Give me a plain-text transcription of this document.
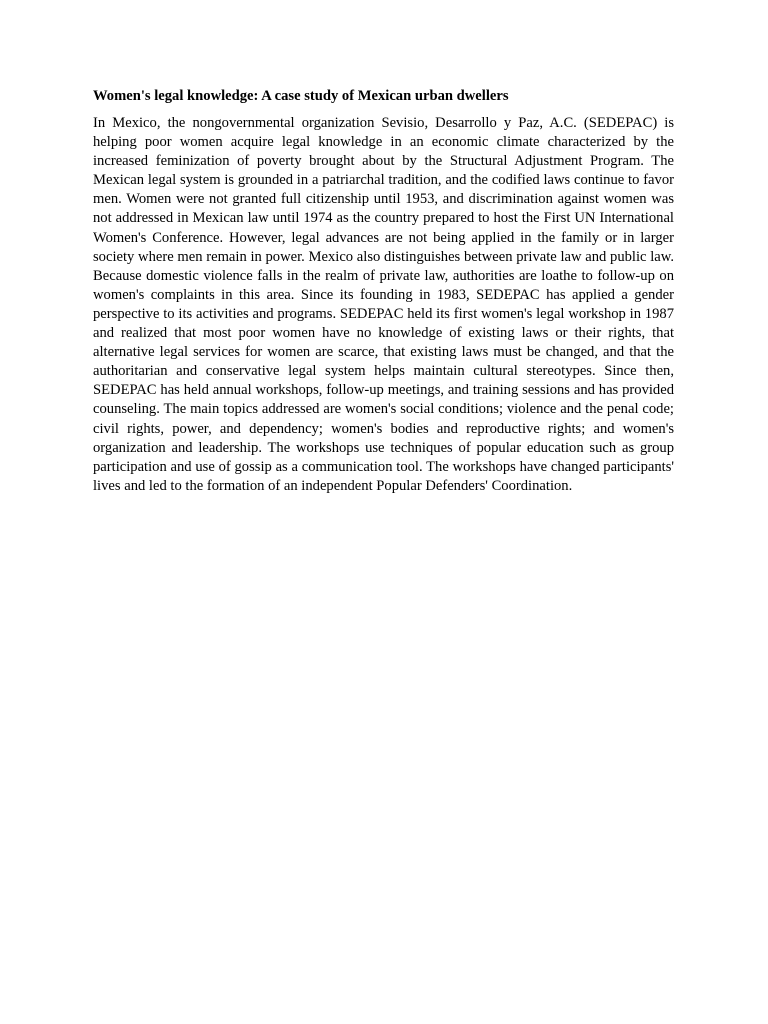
Women's legal knowledge: A case study of Mexican urban dwellers

In Mexico, the nongovernmental organization Sevisio, Desarrollo y Paz, A.C. (SEDEPAC) is helping poor women acquire legal knowledge in an economic climate characterized by the increased feminization of poverty brought about by the Structural Adjustment Program. The Mexican legal system is grounded in a patriarchal tradition, and the codified laws continue to favor men. Women were not granted full citizenship until 1953, and discrimination against women was not addressed in Mexican law until 1974 as the country prepared to host the First UN International Women's Conference. However, legal advances are not being applied in the family or in larger society where men remain in power. Mexico also distinguishes between private law and public law. Because domestic violence falls in the realm of private law, authorities are loathe to follow-up on women's complaints in this area. Since its founding in 1983, SEDEPAC has applied a gender perspective to its activities and programs. SEDEPAC held its first women's legal workshop in 1987 and realized that most poor women have no knowledge of existing laws or their rights, that alternative legal services for women are scarce, that existing laws must be changed, and that the authoritarian and conservative legal system helps maintain cultural stereotypes. Since then, SEDEPAC has held annual workshops, follow-up meetings, and training sessions and has provided counseling. The main topics addressed are women's social conditions; violence and the penal code; civil rights, power, and dependency; women's bodies and reproductive rights; and women's organization and leadership. The workshops use techniques of popular education such as group participation and use of gossip as a communication tool. The workshops have changed participants' lives and led to the formation of an independent Popular Defenders' Coordination.
